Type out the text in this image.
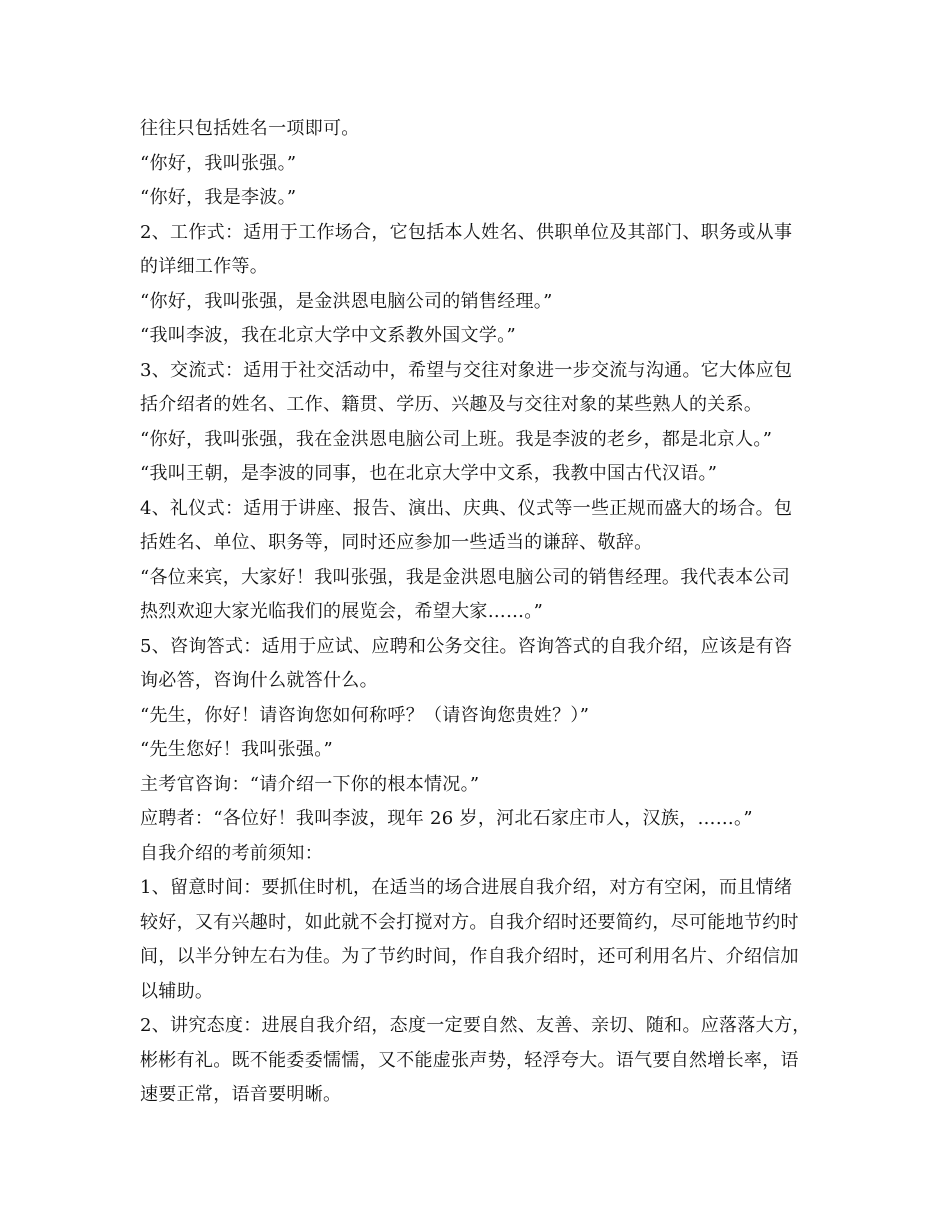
往往只包括姓名一项即可。
“你好，我叫张强。”
“你好，我是李波。”
2、工作式：适用于工作场合，它包括本人姓名、供职单位及其部门、职务或从事
的详细工作等。
“你好，我叫张强，是金洪恩电脑公司的销售经理。”
“我叫李波，我在北京大学中文系教外国文学。”
3、交流式：适用于社交活动中，希望与交往对象进一步交流与沟通。它大体应包
括介绍者的姓名、工作、籍贯、学历、兴趣及与交往对象的某些熟人的关系。
“你好，我叫张强，我在金洪恩电脑公司上班。我是李波的老乡，都是北京人。”
“我叫王朝，是李波的同事，也在北京大学中文系，我教中国古代汉语。”
4、礼仪式：适用于讲座、报告、演出、庆典、仪式等一些正规而盛大的场合。包
括姓名、单位、职务等，同时还应参加一些适当的谦辞、敬辞。
“各位来宾，大家好！我叫张强，我是金洪恩电脑公司的销售经理。我代表本公司
热烈欢迎大家光临我们的展览会，希望大家……。”
5、咨询答式：适用于应试、应聘和公务交往。咨询答式的自我介绍，应该是有咨
询必答，咨询什么就答什么。
“先生，你好！请咨询您如何称呼？（请咨询您贵姓？）”
“先生您好！我叫张强。”
主考官咨询：“请介绍一下你的根本情况。”
应聘者：“各位好！我叫李波，现年 26 岁，河北石家庄市人，汉族，……。”
自我介绍的考前须知：
1、留意时间：要抓住时机，在适当的场合进展自我介绍，对方有空闲，而且情绪
较好，又有兴趣时，如此就不会打搅对方。自我介绍时还要简约，尽可能地节约时
间，以半分钟左右为佳。为了节约时间，作自我介绍时，还可利用名片、介绍信加
以辅助。
2、讲究态度：进展自我介绍，态度一定要自然、友善、亲切、随和。应落落大方，
彬彬有礼。既不能委委懦懦，又不能虚张声势，轻浮夸大。语气要自然增长率，语
速要正常，语音要明晰。
